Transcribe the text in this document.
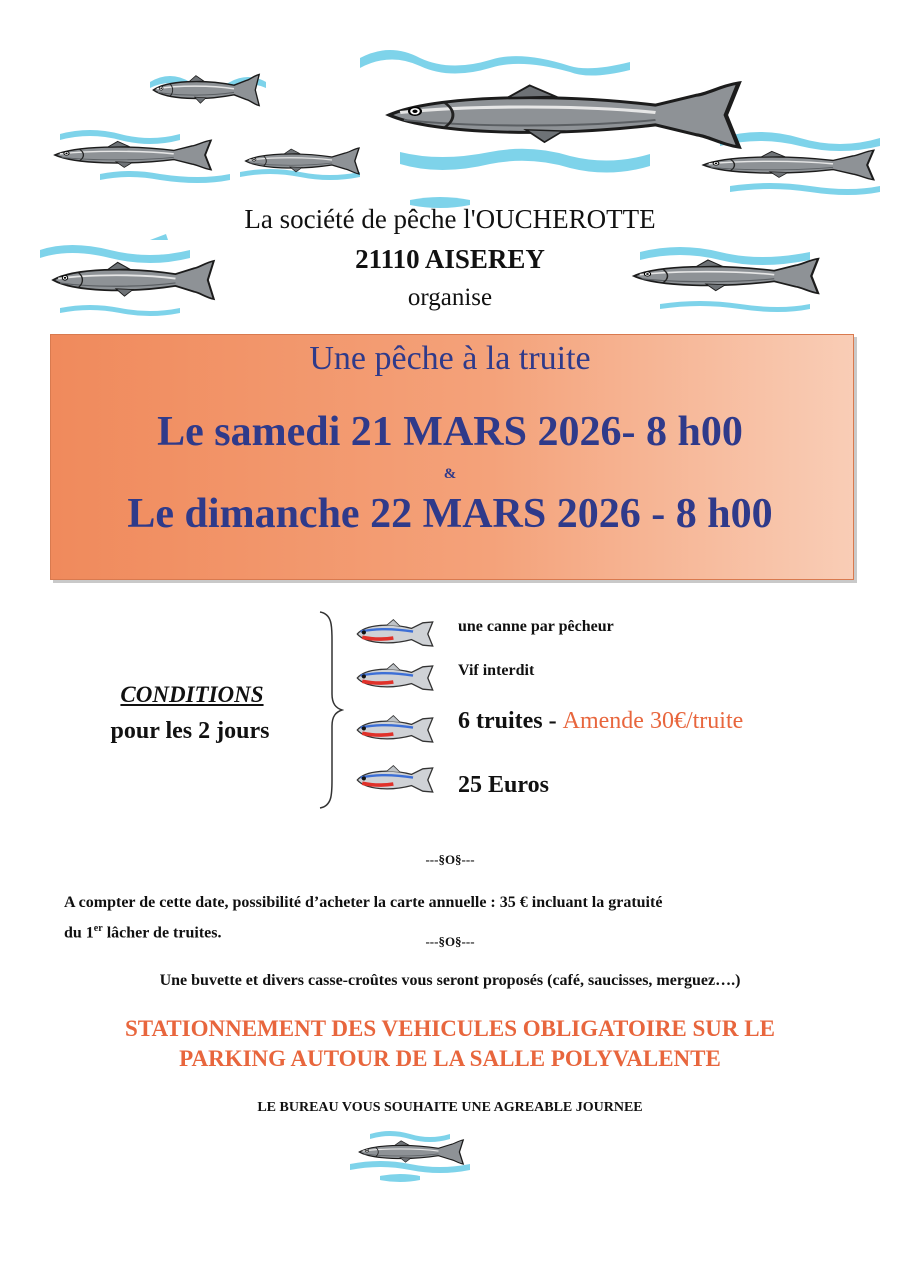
La société de pêche l'OUCHEROTTE
21110 AISEREY
organise
Une pêche à la truite
Le samedi 21 MARS 2026- 8 h00
&
Le dimanche 22 MARS 2026 - 8 h00
CONDITIONS
pour les 2 jours
une canne par pêcheur
Vif interdit
6 truites - Amende 30€/truite
25 Euros
---§O§---
A compter de cette date, possibilité d’acheter la carte annuelle : 35 € incluant la gratuité
du 1er lâcher de truites.
---§O§---
Une buvette et divers casse-croûtes vous seront proposés (café, saucisses, merguez….)
STATIONNEMENT DES VEHICULES OBLIGATOIRE SUR LE
PARKING AUTOUR DE LA SALLE POLYVALENTE
LE BUREAU VOUS SOUHAITE UNE AGREABLE JOURNEE
